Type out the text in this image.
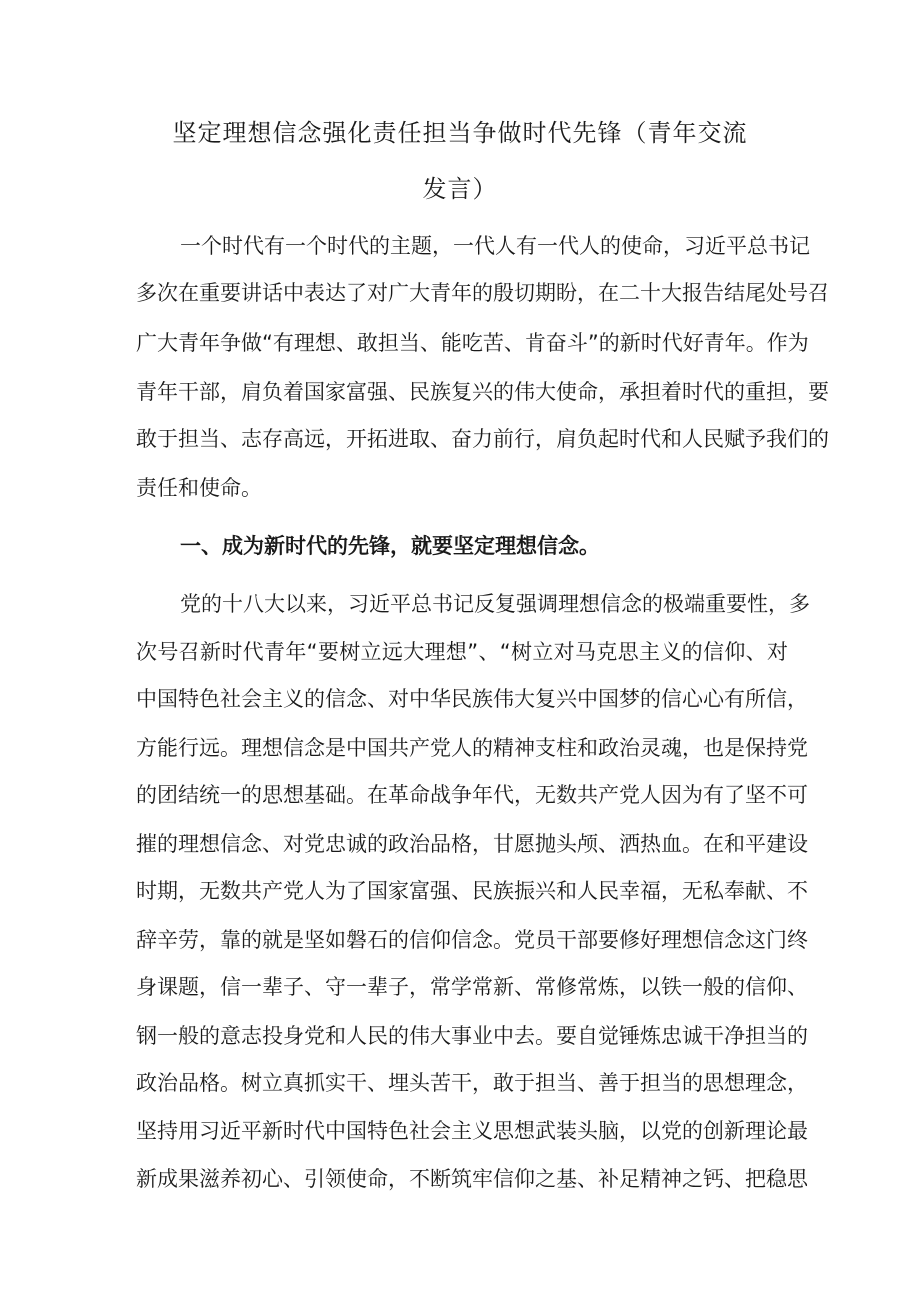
坚定理想信念强化责任担当争做时代先锋（青年交流
发言）

一个时代有一个时代的主题，一代人有一代人的使命，习近平总书记

多次在重要讲话中表达了对广大青年的殷切期盼，在二十大报告结尾处号召

广大青年争做“有理想、敢担当、能吃苦、肯奋斗”的新时代好青年。作为

青年干部，肩负着国家富强、民族复兴的伟大使命，承担着时代的重担，要

敢于担当、志存高远，开拓进取、奋力前行，肩负起时代和人民赋予我们的

责任和使命。

一、成为新时代的先锋，就要坚定理想信念。

党的十八大以来，习近平总书记反复强调理想信念的极端重要性，多

次号召新时代青年“要树立远大理想”、“树立对马克思主义的信仰、对

中国特色社会主义的信念、对中华民族伟大复兴中国梦的信心心有所信，

方能行远。理想信念是中国共产党人的精神支柱和政治灵魂，也是保持党

的团结统一的思想基础。在革命战争年代，无数共产党人因为有了坚不可

摧的理想信念、对党忠诚的政治品格，甘愿抛头颅、洒热血。在和平建设

时期，无数共产党人为了国家富强、民族振兴和人民幸福，无私奉献、不

辞辛劳，靠的就是坚如磐石的信仰信念。党员干部要修好理想信念这门终

身课题，信一辈子、守一辈子，常学常新、常修常炼，以铁一般的信仰、

钢一般的意志投身党和人民的伟大事业中去。要自觉锤炼忠诚干净担当的

政治品格。树立真抓实干、埋头苦干，敢于担当、善于担当的思想理念，

坚持用习近平新时代中国特色社会主义思想武装头脑，以党的创新理论最

新成果滋养初心、引领使命，不断筑牢信仰之基、补足精神之钙、把稳思
